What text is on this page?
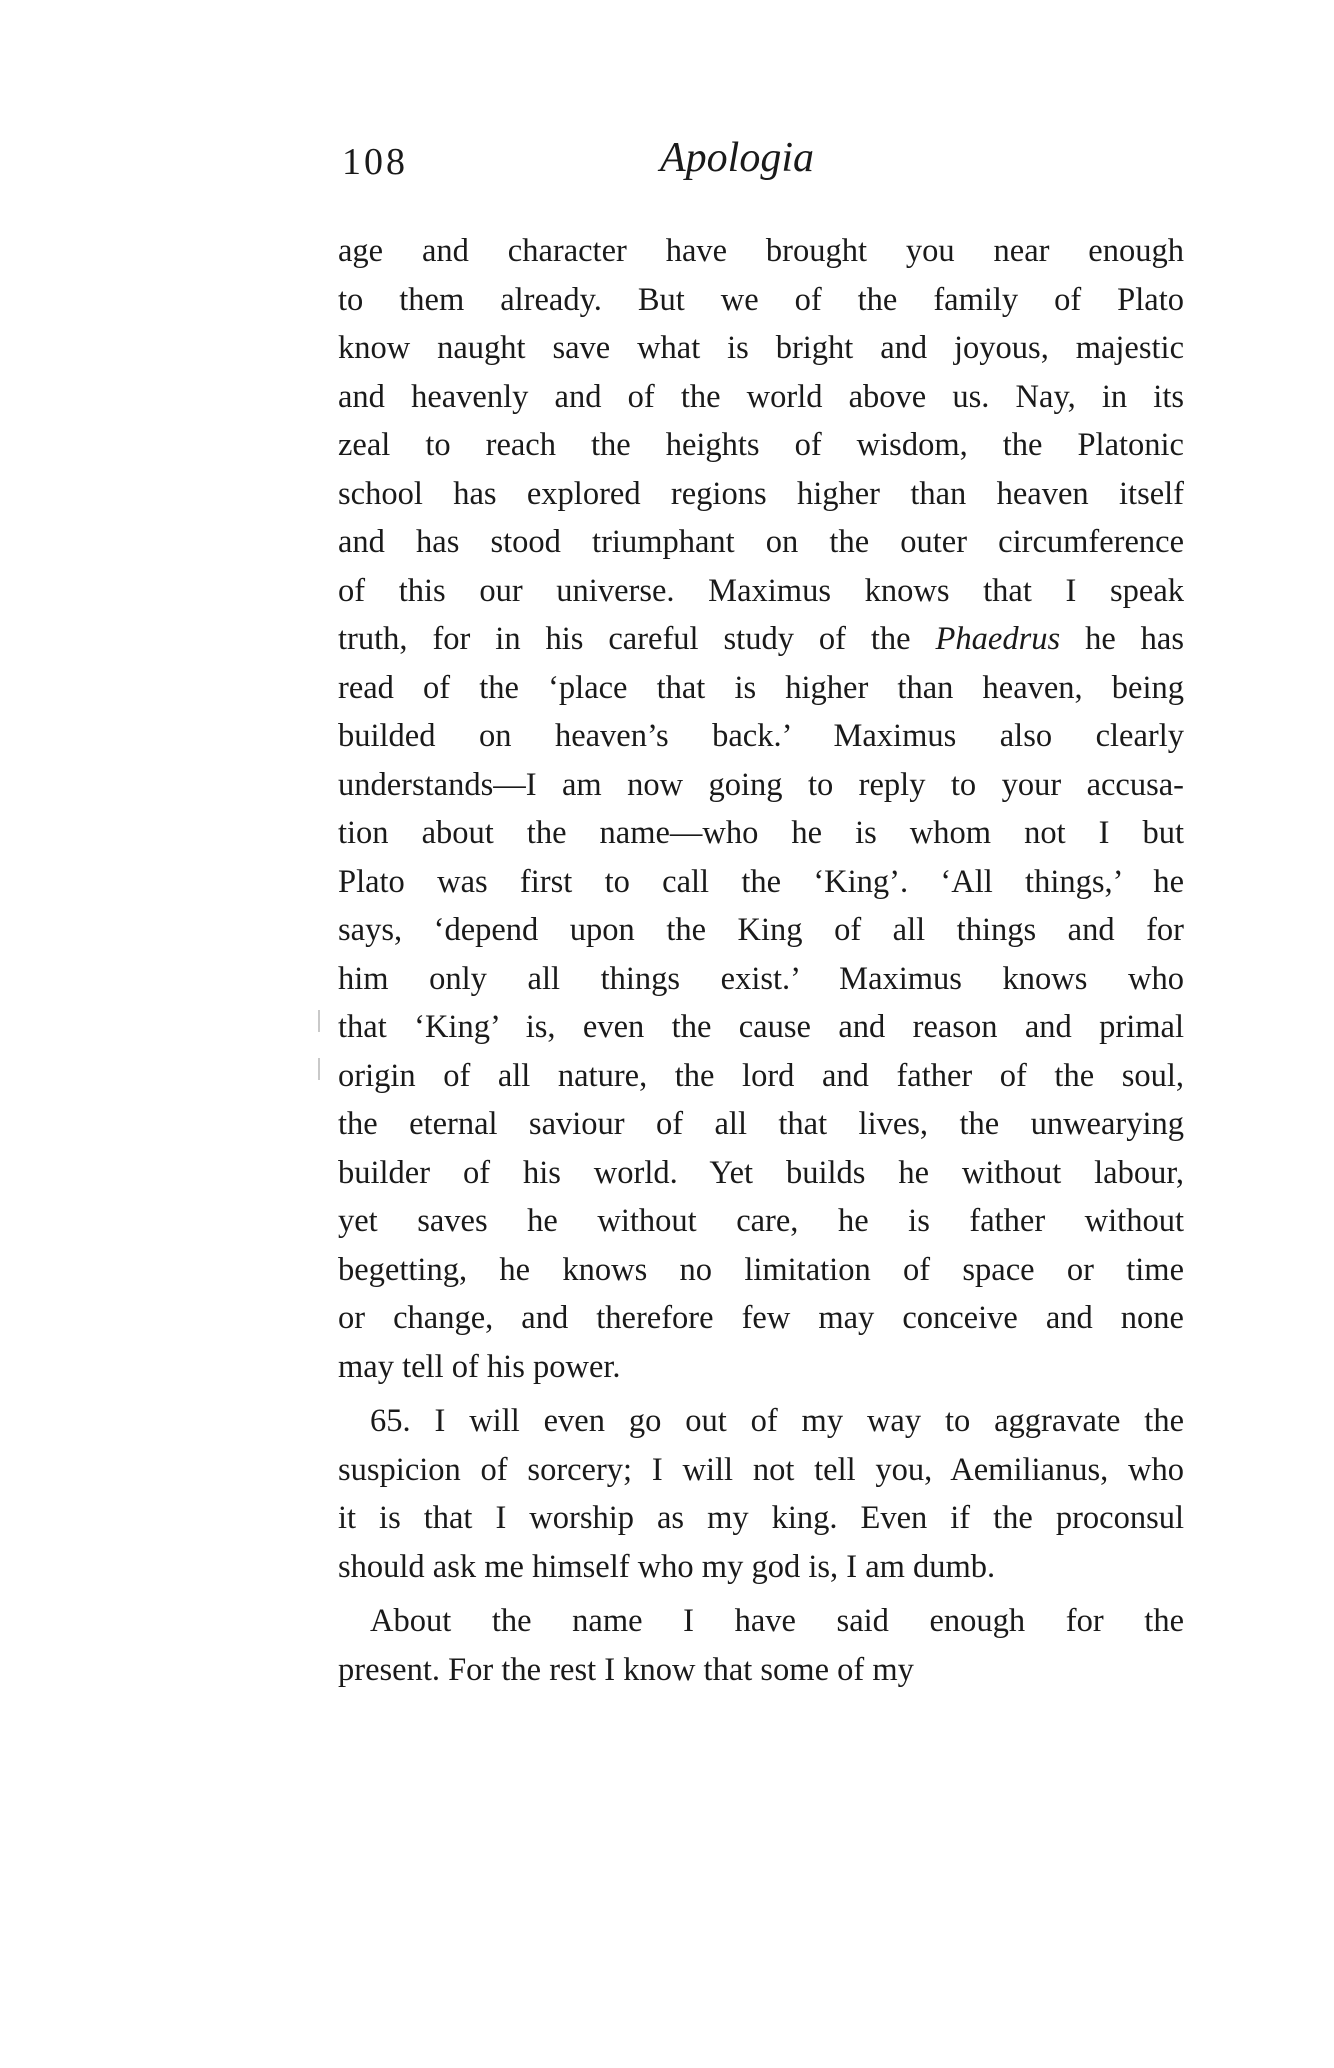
108	Apologia
age and character have brought you near enough
to them already. But we of the family of Plato
know naught save what is bright and joyous, majestic
and heavenly and of the world above us. Nay, in its
zeal to reach the heights of wisdom, the Platonic
school has explored regions higher than heaven itself
and has stood triumphant on the outer circumference
of this our universe. Maximus knows that I speak
truth, for in his careful study of the Phaedrus he has
read of the ‘place that is higher than heaven, being
builded on heaven’s back.’ Maximus also clearly
understands—I am now going to reply to your accusa-
tion about the name—who he is whom not I but
Plato was first to call the ‘King’. ‘All things,’ he
says, ‘depend upon the King of all things and for
him only all things exist.’ Maximus knows who
that ‘King’ is, even the cause and reason and primal
origin of all nature, the lord and father of the soul,
the eternal saviour of all that lives, the unwearying
builder of his world. Yet builds he without labour,
yet saves he without care, he is father without
begetting, he knows no limitation of space or time
or change, and therefore few may conceive and none
may tell of his power.
65. I will even go out of my way to aggravate the
suspicion of sorcery; I will not tell you, Aemilianus, who
it is that I worship as my king. Even if the proconsul
should ask me himself who my god is, I am dumb.
About the name I have said enough for the
present. For the rest I know that some of my
